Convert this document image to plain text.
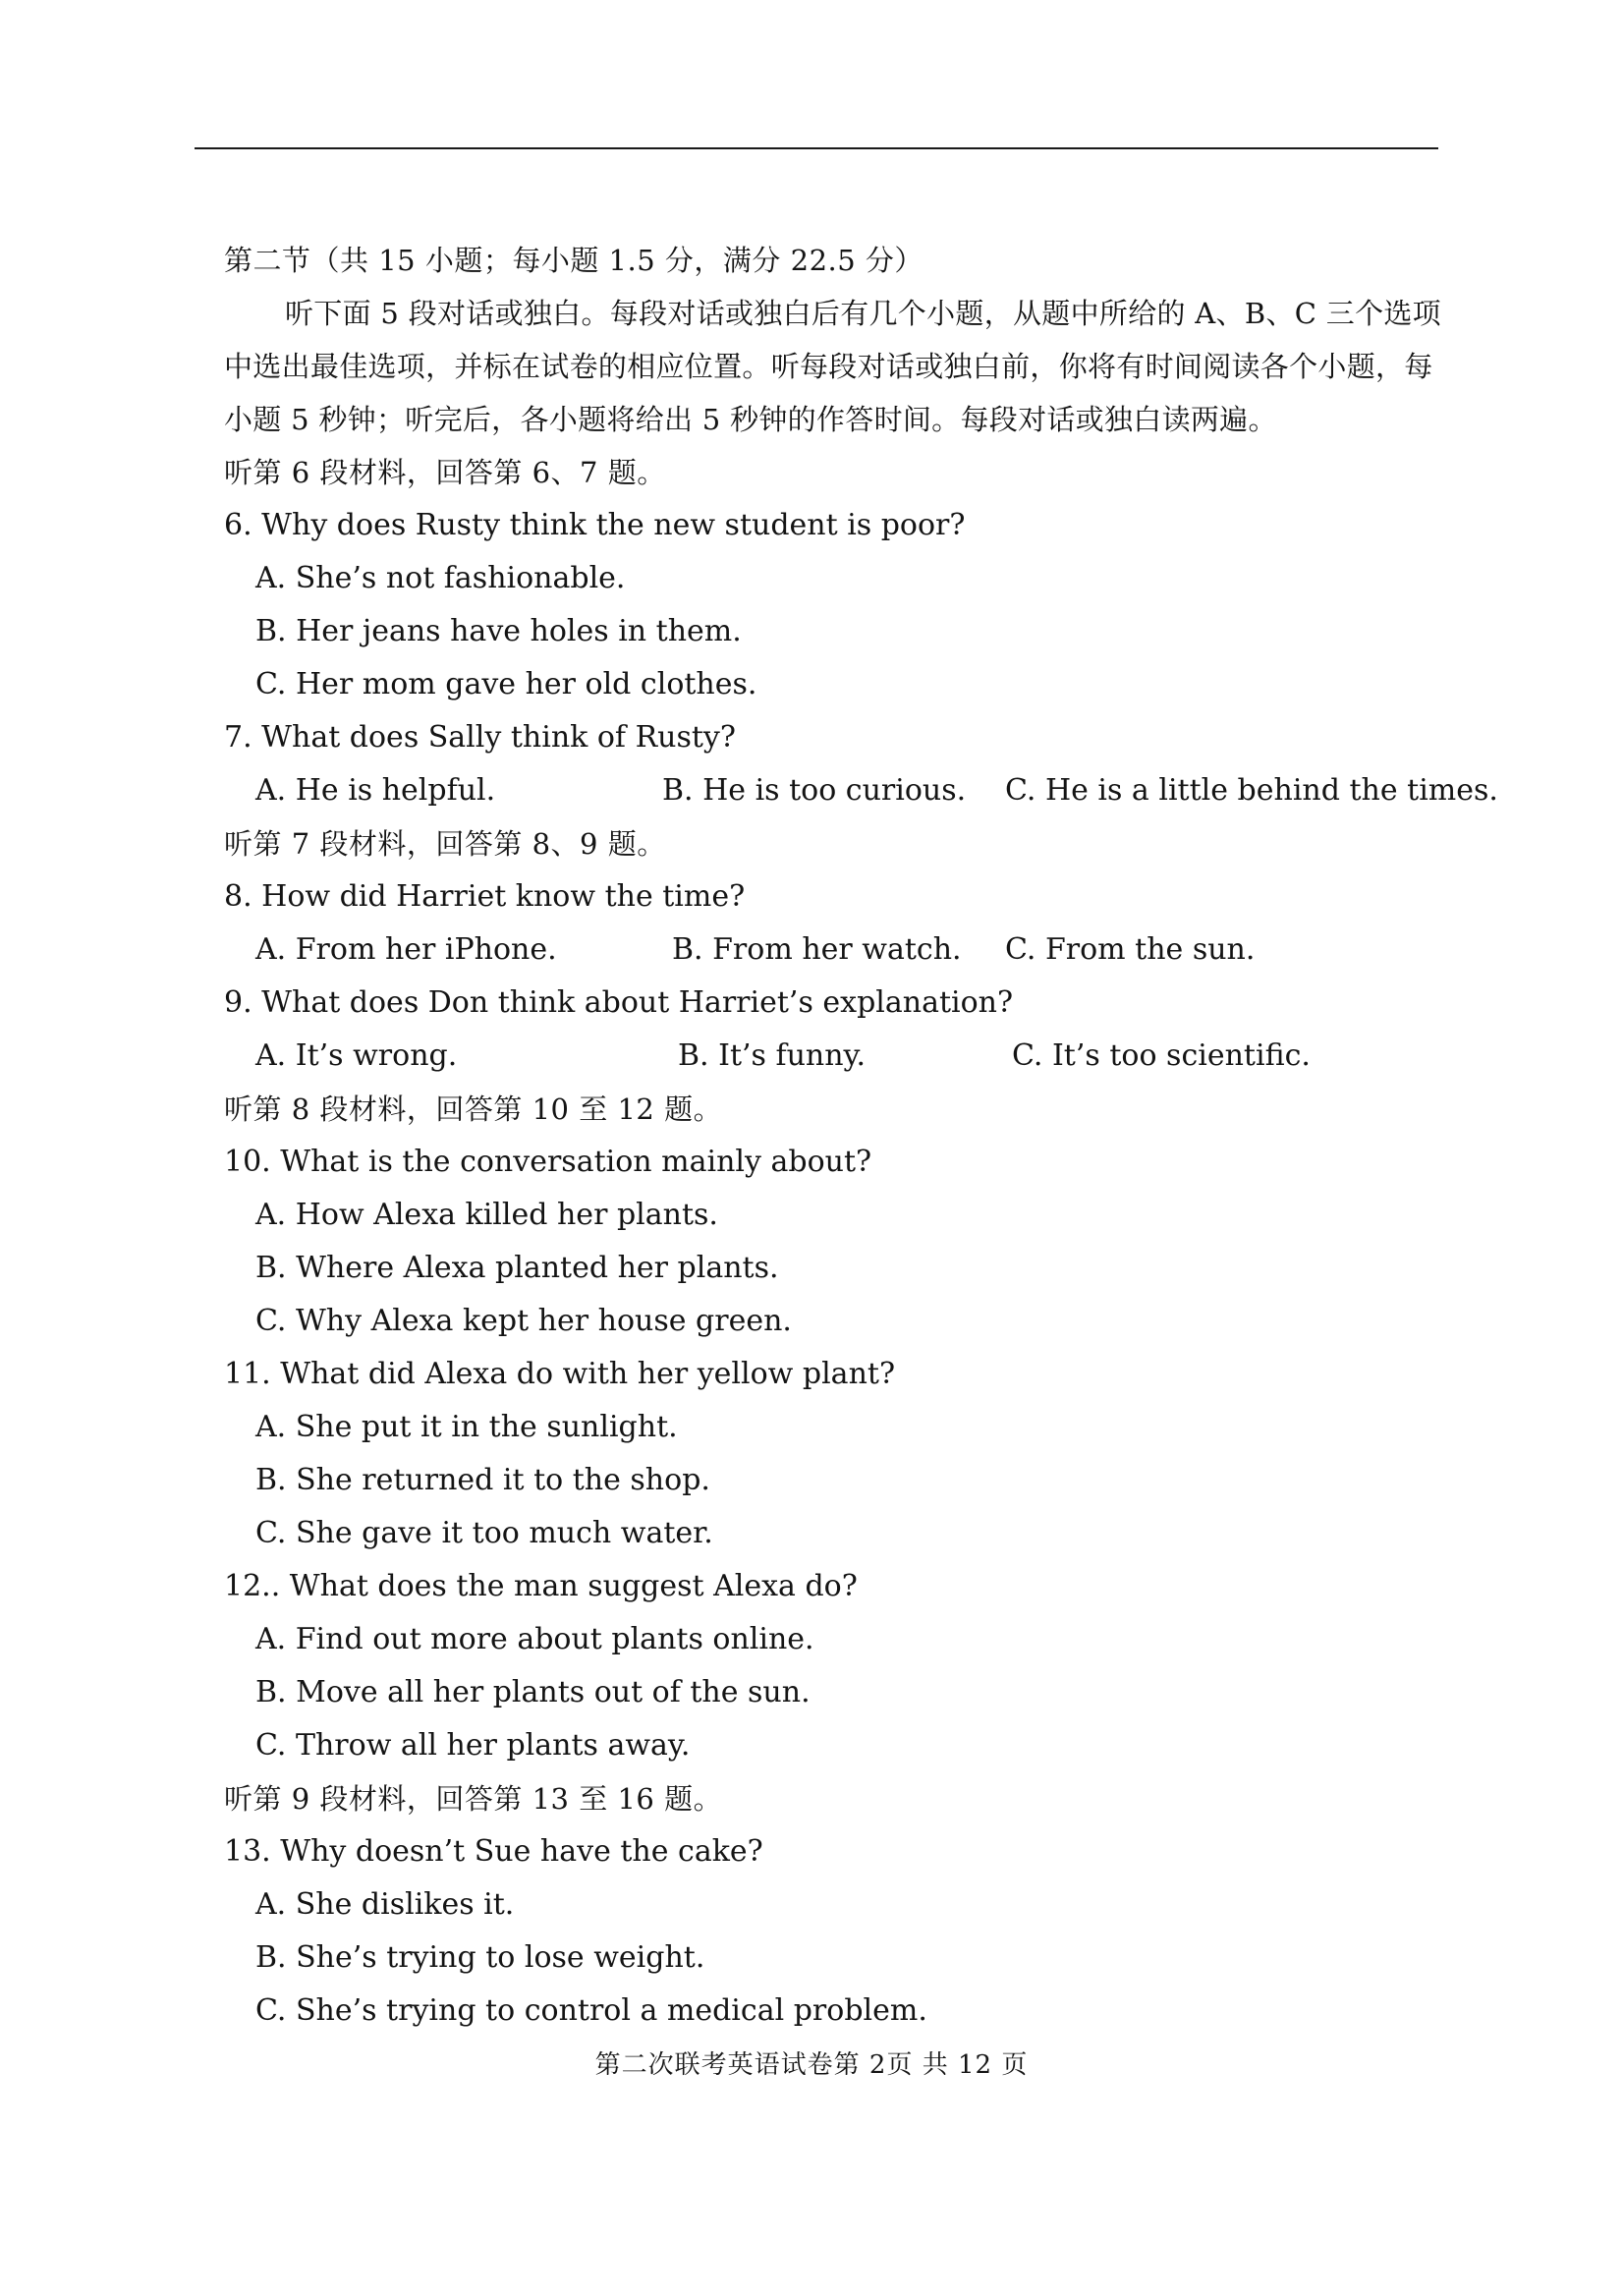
第二节（共 15 小题；每小题 1.5 分，满分 22.5 分）
听下面 5 段对话或独白。每段对话或独白后有几个小题，从题中所给的 A、B、C 三个选项
中选出最佳选项，并标在试卷的相应位置。听每段对话或独白前，你将有时间阅读各个小题，每
小题 5 秒钟；听完后，各小题将给出 5 秒钟的作答时间。每段对话或独白读两遍。
听第 6 段材料，回答第 6、7 题。
6. Why does Rusty think the new student is poor?
A. She’s not fashionable.
B. Her jeans have holes in them.
C. Her mom gave her old clothes.
7. What does Sally think of Rusty?
A. He is helpful.	B. He is too curious. C. He is a little behind the times.
听第 7 段材料，回答第 8、9 题。
8. How did Harriet know the time?
A. From her iPhone.	B. From her watch. C. From the sun.
9. What does Don think about Harriet’s explanation?
A. It’s wrong.	B. It’s funny.	C. It’s too scientific.
听第 8 段材料，回答第 10 至 12 题。
10. What is the conversation mainly about?
A. How Alexa killed her plants.
B. Where Alexa planted her plants.
C. Why Alexa kept her house green.
11. What did Alexa do with her yellow plant?
A. She put it in the sunlight.
B. She returned it to the shop.
C. She gave it too much water.
12.. What does the man suggest Alexa do?
A. Find out more about plants online.
B. Move all her plants out of the sun.
C. Throw all her plants away.
听第 9 段材料，回答第 13 至 16 题。
13. Why doesn’t Sue have the cake?
A. She dislikes it.
B. She’s trying to lose weight.
C. She’s trying to control a medical problem.
第二次联考英语试卷第 2页 共 12 页
